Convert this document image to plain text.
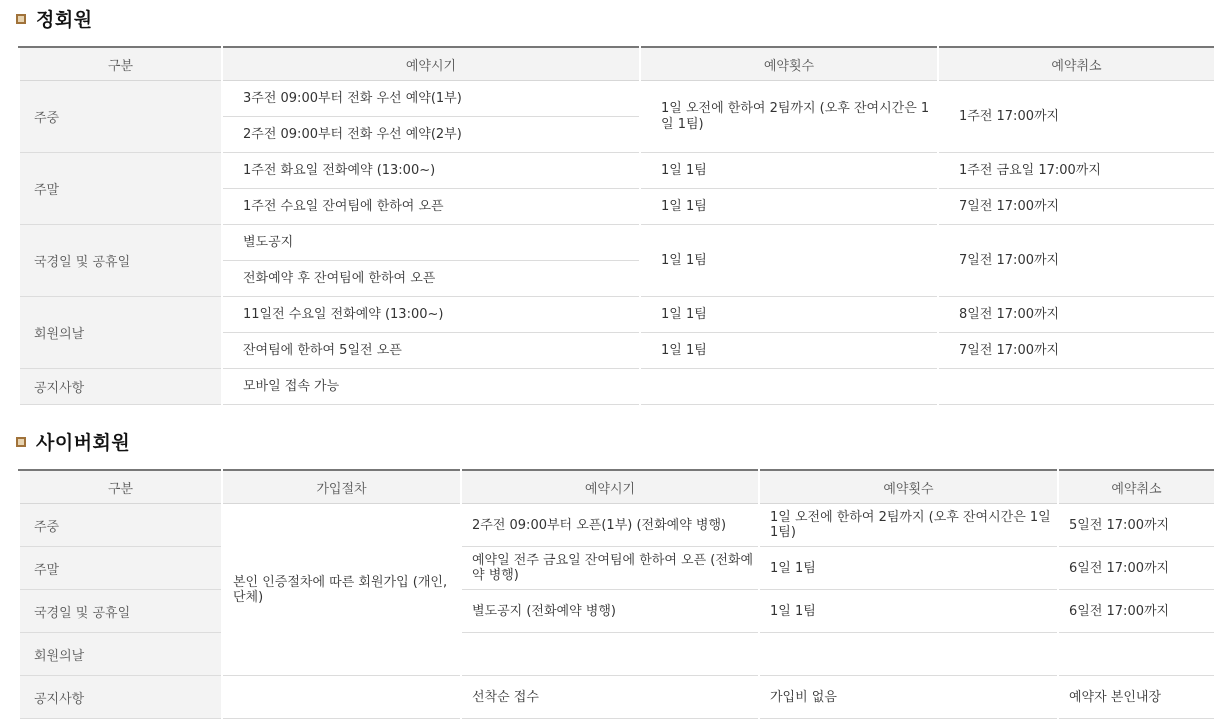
정회원
구분	예약시기	예약횟수	예약취소
주중	3주전 09:00부터 전화 우선 예약(1부)	1일 오전에 한하여 2팀까지 (오후 잔여시간은 1일 1팀)	1주전 17:00까지
	2주전 09:00부터 전화 우선 예약(2부)		
주말	1주전 화요일 전화예약 (13:00~)	1일 1팀	1주전 금요일 17:00까지
	1주전 수요일 잔여팀에 한하여 오픈	1일 1팀	7일전 17:00까지
국경일 및 공휴일	별도공지	1일 1팀	7일전 17:00까지
	전화예약 후 잔여팀에 한하여 오픈		
회원의날	11일전 수요일 전화예약 (13:00~)	1일 1팀	8일전 17:00까지
	잔여팀에 한하여 5일전 오픈	1일 1팀	7일전 17:00까지
공지사항	모바일 접속 가능		
사이버회원
구분	가입절차	예약시기	예약횟수	예약취소
주중	본인 인증절차에 따른 회원가입 (개인,단체)	2주전 09:00부터 오픈(1부) (전화예약 병행)	1일 오전에 한하여 2팀까지 (오후 잔여시간은 1일1팀)	5일전 17:00까지
주말		예약일 전주 금요일 잔여팀에 한하여 오픈 (전화예약 병행)	1일 1팀	6일전 17:00까지
국경일 및 공휴일		별도공지 (전화예약 병행)	1일 1팀	6일전 17:00까지
회원의날				
공지사항		선착순 접수	가입비 없음	예약자 본인내장
